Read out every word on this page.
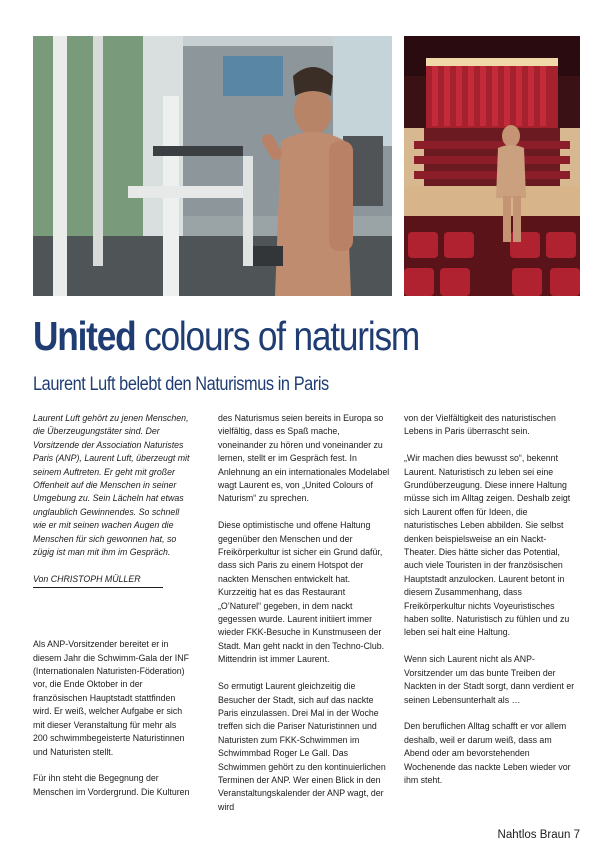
United colours of naturism
Laurent Luft belebt den Naturismus in Paris

Laurent Luft gehört zu jenen Menschen, die Überzeugungstäter sind. Der Vorsitzende der Association Naturistes Paris (ANP), Laurent Luft, überzeugt mit seinem Auftreten. Er geht mit großer Offenheit auf die Menschen in seiner Umgebung zu. Sein Lächeln hat etwas unglaublich Gewinnendes. So schnell wie er mit seinen wachen Augen die Menschen für sich gewonnen hat, so zügig ist man mit ihm im Gespräch.

Von CHRISTOPH MÜLLER

Als ANP-Vorsitzender bereitet er in diesem Jahr die Schwimm-Gala der INF (Internationalen Naturisten-Föderation) vor, die Ende Oktober in der französischen Hauptstadt stattfinden wird. Er weiß, welcher Aufgabe er sich mit dieser Veranstaltung für mehr als 200 schwimmbegeisterte Naturistinnen und Naturisten stellt.

Für ihn steht die Begegnung der Menschen im Vordergrund. Die Kulturen

des Naturismus seien bereits in Europa so vielfältig, dass es Spaß mache, voneinander zu hören und voneinander zu lernen, stellt er im Gespräch fest. In Anlehnung an ein internationales Modelabel wagt Laurent es, von „United Colours of Naturism“ zu sprechen.

Diese optimistische und offene Haltung gegenüber den Menschen und der Freikörperkultur ist sicher ein Grund dafür, dass sich Paris zu einem Hotspot der nackten Menschen entwickelt hat. Kurzzeitig hat es das Restaurant „O’Naturel“ gegeben, in dem nackt gegessen wurde. Laurent initiiert immer wieder FKK-Besuche in Kunstmuseen der Stadt. Man geht nackt in den Techno-Club. Mittendrin ist immer Laurent.

So ermutigt Laurent gleichzeitig die Besucher der Stadt, sich auf das nackte Paris einzulassen. Drei Mal in der Woche treffen sich die Pariser Naturistinnen und Naturisten zum FKK-Schwimmen im Schwimmbad Roger Le Gall. Das Schwimmen gehört zu den kontinuierlichen Terminen der ANP. Wer einen Blick in den Veranstaltungskalender der ANP wagt, der wird

von der Vielfältigkeit des naturistischen Lebens in Paris überrascht sein.

„Wir machen dies bewusst so“, bekennt Laurent. Naturistisch zu leben sei eine Grundüberzeugung. Diese innere Haltung müsse sich im Alltag zeigen. Deshalb zeigt sich Laurent offen für Ideen, die naturistisches Leben abbilden. Sie selbst denken beispielsweise an ein Nackt-Theater. Dies hätte sicher das Potential, auch viele Touristen in der französischen Hauptstadt anzulocken. Laurent betont in diesem Zusammenhang, dass Freikörperkultur nichts Voyeuristisches haben sollte. Naturistisch zu fühlen und zu leben sei halt eine Haltung.

Wenn sich Laurent nicht als ANP-Vorsitzender um das bunte Treiben der Nackten in der Stadt sorgt, dann verdient er seinen Lebensunterhalt als …

Den beruflichen Alltag schafft er vor allem deshalb, weil er darum weiß, dass am Abend oder am bevorstehenden Wochenende das nackte Leben wieder vor ihm steht.

Nahtlos Braun 7
